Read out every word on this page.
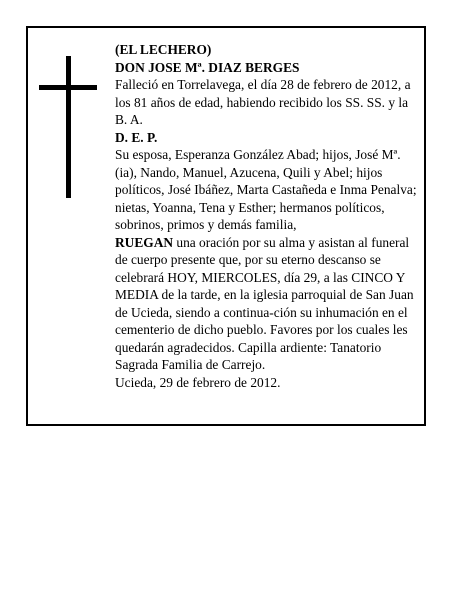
(EL LECHERO)

DON JOSE Mª. DIAZ BERGES

Falleció en Torrelavega, el día 28 de febrero de 2012, a los 81 años de edad, habiendo recibido los SS. SS. y la B. A.

D. E. P.

Su esposa, Esperanza González Abad; hijos, José Mª. (ia), Nando, Manuel, Azucena, Quili y Abel; hijos políticos, José Ibáñez, Marta Castañeda e Inma Penalva; nietas, Yoanna, Tena y Esther; hermanos políticos, sobrinos, primos y demás familia,

RUEGAN una oración por su alma y asistan al funeral de cuerpo presente que, por su eterno descanso se celebrará HOY, MIERCOLES, día 29, a las CINCO Y MEDIA de la tarde, en la iglesia parroquial de San Juan de Ucieda, siendo a continua-ción su inhumación en el cementerio de dicho pueblo. Favores por los cuales les quedarán agradecidos. Capilla ardiente: Tanatorio Sagrada Familia de Carrejo.

Ucieda, 29 de febrero de 2012.
